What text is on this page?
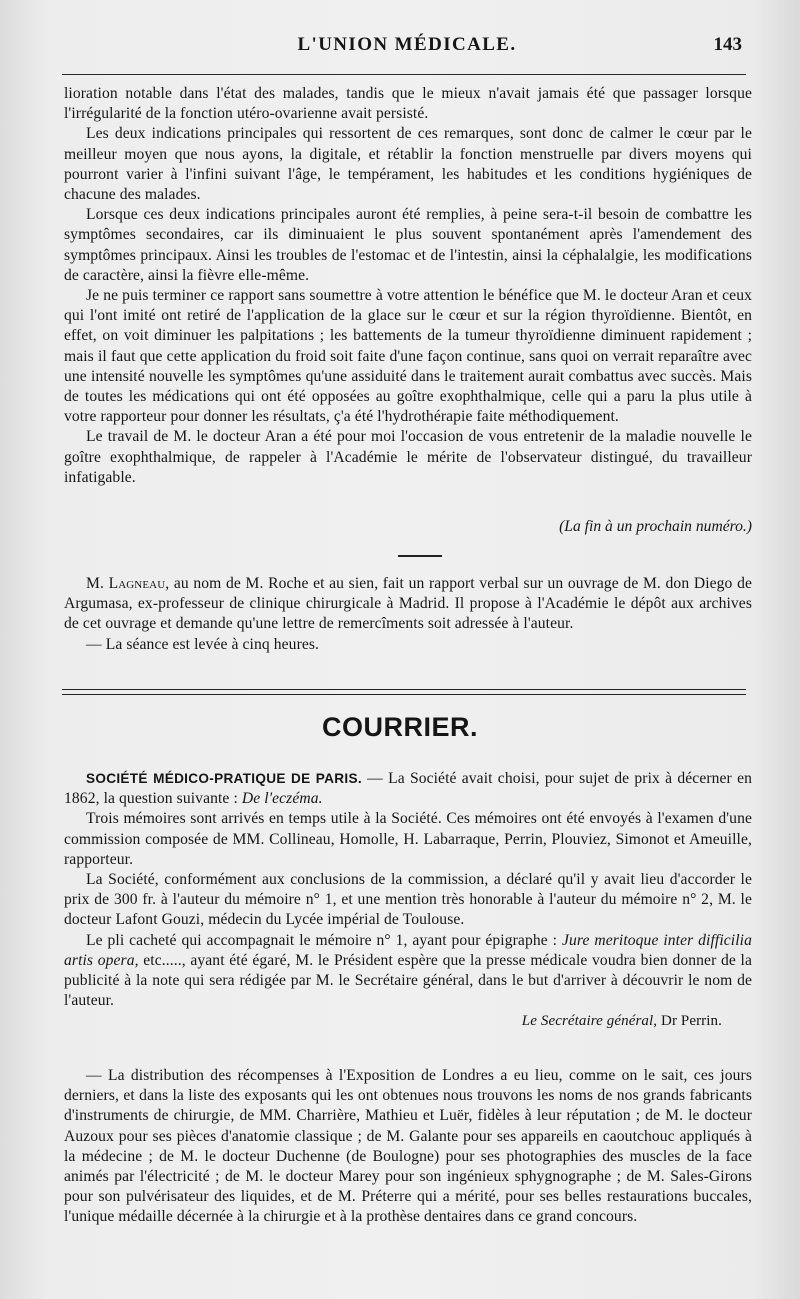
L'UNION MÉDICALE.	143

lioration notable dans l'état des malades, tandis que le mieux n'avait jamais été que passager lorsque l'irrégularité de la fonction utéro-ovarienne avait persisté.

Les deux indications principales qui ressortent de ces remarques, sont donc de calmer le cœur par le meilleur moyen que nous ayons, la digitale, et rétablir la fonction menstruelle par divers moyens qui pourront varier à l'infini suivant l'âge, le tempérament, les habitudes et les conditions hygiéniques de chacune des malades.

Lorsque ces deux indications principales auront été remplies, à peine sera-t-il besoin de combattre les symptômes secondaires, car ils diminuaient le plus souvent spontanément après l'amendement des symptômes principaux. Ainsi les troubles de l'estomac et de l'intestin, ainsi la céphalalgie, les modifications de caractère, ainsi la fièvre elle-même.

Je ne puis terminer ce rapport sans soumettre à votre attention le bénéfice que M. le docteur Aran et ceux qui l'ont imité ont retiré de l'application de la glace sur le cœur et sur la région thyroïdienne. Bientôt, en effet, on voit diminuer les palpitations ; les battements de la tumeur thyroïdienne diminuent rapidement ; mais il faut que cette application du froid soit faite d'une façon continue, sans quoi on verrait reparaître avec une intensité nouvelle les symptômes qu'une assiduité dans le traitement aurait combattus avec succès. Mais de toutes les médications qui ont été opposées au goître exophthalmique, celle qui a paru la plus utile à votre rapporteur pour donner les résultats, ç'a été l'hydrothérapie faite méthodiquement.

Le travail de M. le docteur Aran a été pour moi l'occasion de vous entretenir de la maladie nouvelle le goître exophthalmique, de rappeler à l'Académie le mérite de l'observateur distingué, du travailleur infatigable.

(La fin à un prochain numéro.)

M. Lagneau, au nom de M. Roche et au sien, fait un rapport verbal sur un ouvrage de M. don Diego de Argumasa, ex-professeur de clinique chirurgicale à Madrid. Il propose à l'Académie le dépôt aux archives de cet ouvrage et demande qu'une lettre de remercîments soit adressée à l'auteur.

— La séance est levée à cinq heures.

COURRIER.

SOCIÉTÉ MÉDICO-PRATIQUE DE PARIS. — La Société avait choisi, pour sujet de prix à décerner en 1862, la question suivante : De l'eczéma.

Trois mémoires sont arrivés en temps utile à la Société. Ces mémoires ont été envoyés à l'examen d'une commission composée de MM. Collineau, Homolle, H. Labarraque, Perrin, Plouviez, Simonot et Ameuille, rapporteur.

La Société, conformément aux conclusions de la commission, a déclaré qu'il y avait lieu d'accorder le prix de 300 fr. à l'auteur du mémoire n° 1, et une mention très honorable à l'auteur du mémoire n° 2, M. le docteur Lafont Gouzi, médecin du Lycée impérial de Toulouse.

Le pli cacheté qui accompagnait le mémoire n° 1, ayant pour épigraphe : Jure meritoque inter difficilia artis opera, etc....., ayant été égaré, M. le Président espère que la presse médicale voudra bien donner de la publicité à la note qui sera rédigée par M. le Secrétaire général, dans le but d'arriver à découvrir le nom de l'auteur.

Le Secrétaire général, Dr Perrin.

— La distribution des récompenses à l'Exposition de Londres a eu lieu, comme on le sait, ces jours derniers, et dans la liste des exposants qui les ont obtenues nous trouvons les noms de nos grands fabricants d'instruments de chirurgie, de MM. Charrière, Mathieu et Luër, fidèles à leur réputation ; de M. le docteur Auzoux pour ses pièces d'anatomie classique ; de M. Galante pour ses appareils en caoutchouc appliqués à la médecine ; de M. le docteur Duchenne (de Boulogne) pour ses photographies des muscles de la face animés par l'électricité ; de M. le docteur Marey pour son ingénieux sphygnographe ; de M. Sales-Girons pour son pulvérisateur des liquides, et de M. Préterre qui a mérité, pour ses belles restaurations buccales, l'unique médaille décernée à la chirurgie et à la prothèse dentaires dans ce grand concours.
